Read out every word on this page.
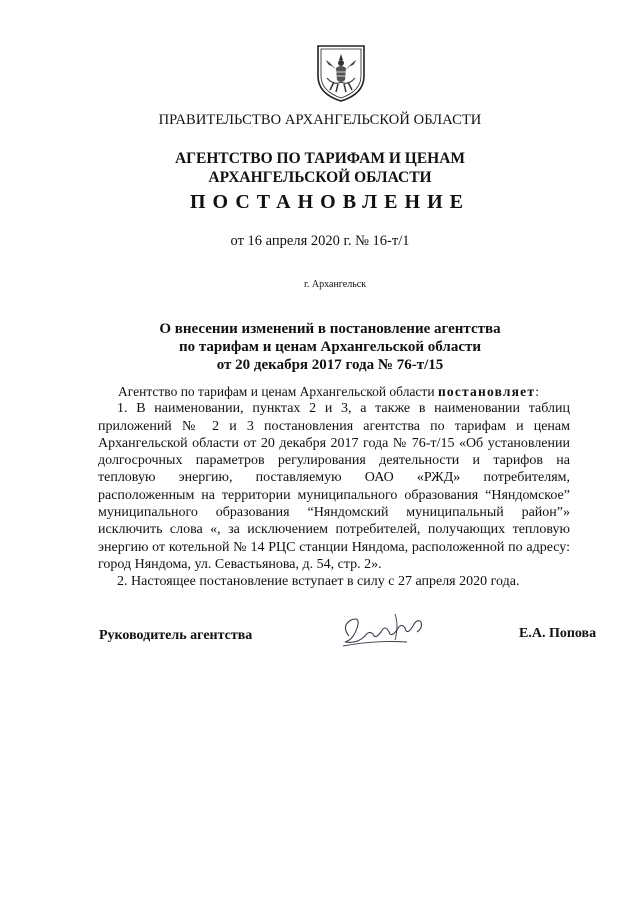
ПРАВИТЕЛЬСТВО АРХАНГЕЛЬСКОЙ ОБЛАСТИ
АГЕНТСТВО ПО ТАРИФАМ И ЦЕНАМ
АРХАНГЕЛЬСКОЙ ОБЛАСТИ
ПОСТАНОВЛЕНИЕ
от 16 апреля 2020 г. № 16-т/1
г. Архангельск
О внесении изменений в постановление агентства
по тарифам и ценам Архангельской области
от 20 декабря 2017 года № 76-т/15

Агентство по тарифам и ценам Архангельской области постановляет:

1. В наименовании, пунктах 2 и 3, а также в наименовании таблиц приложений № 2 и 3 постановления агентства по тарифам и ценам Архангельской области от 20 декабря 2017 года № 76-т/15 «Об установлении долгосрочных параметров регулирования деятельности и тарифов на тепловую энергию, поставляемую ОАО «РЖД» потребителям, расположенным на территории муниципального образования “Няндомское” муниципального образования “Няндомский муниципальный район”» исключить слова «, за исключением потребителей, получающих тепловую энергию от котельной № 14 РЦС станции Няндома, расположенной по адресу: город Няндома, ул. Севастьянова, д. 54, стр. 2».

2. Настоящее постановление вступает в силу с 27 апреля 2020 года.

Руководитель агентства	Е.А. Попова
